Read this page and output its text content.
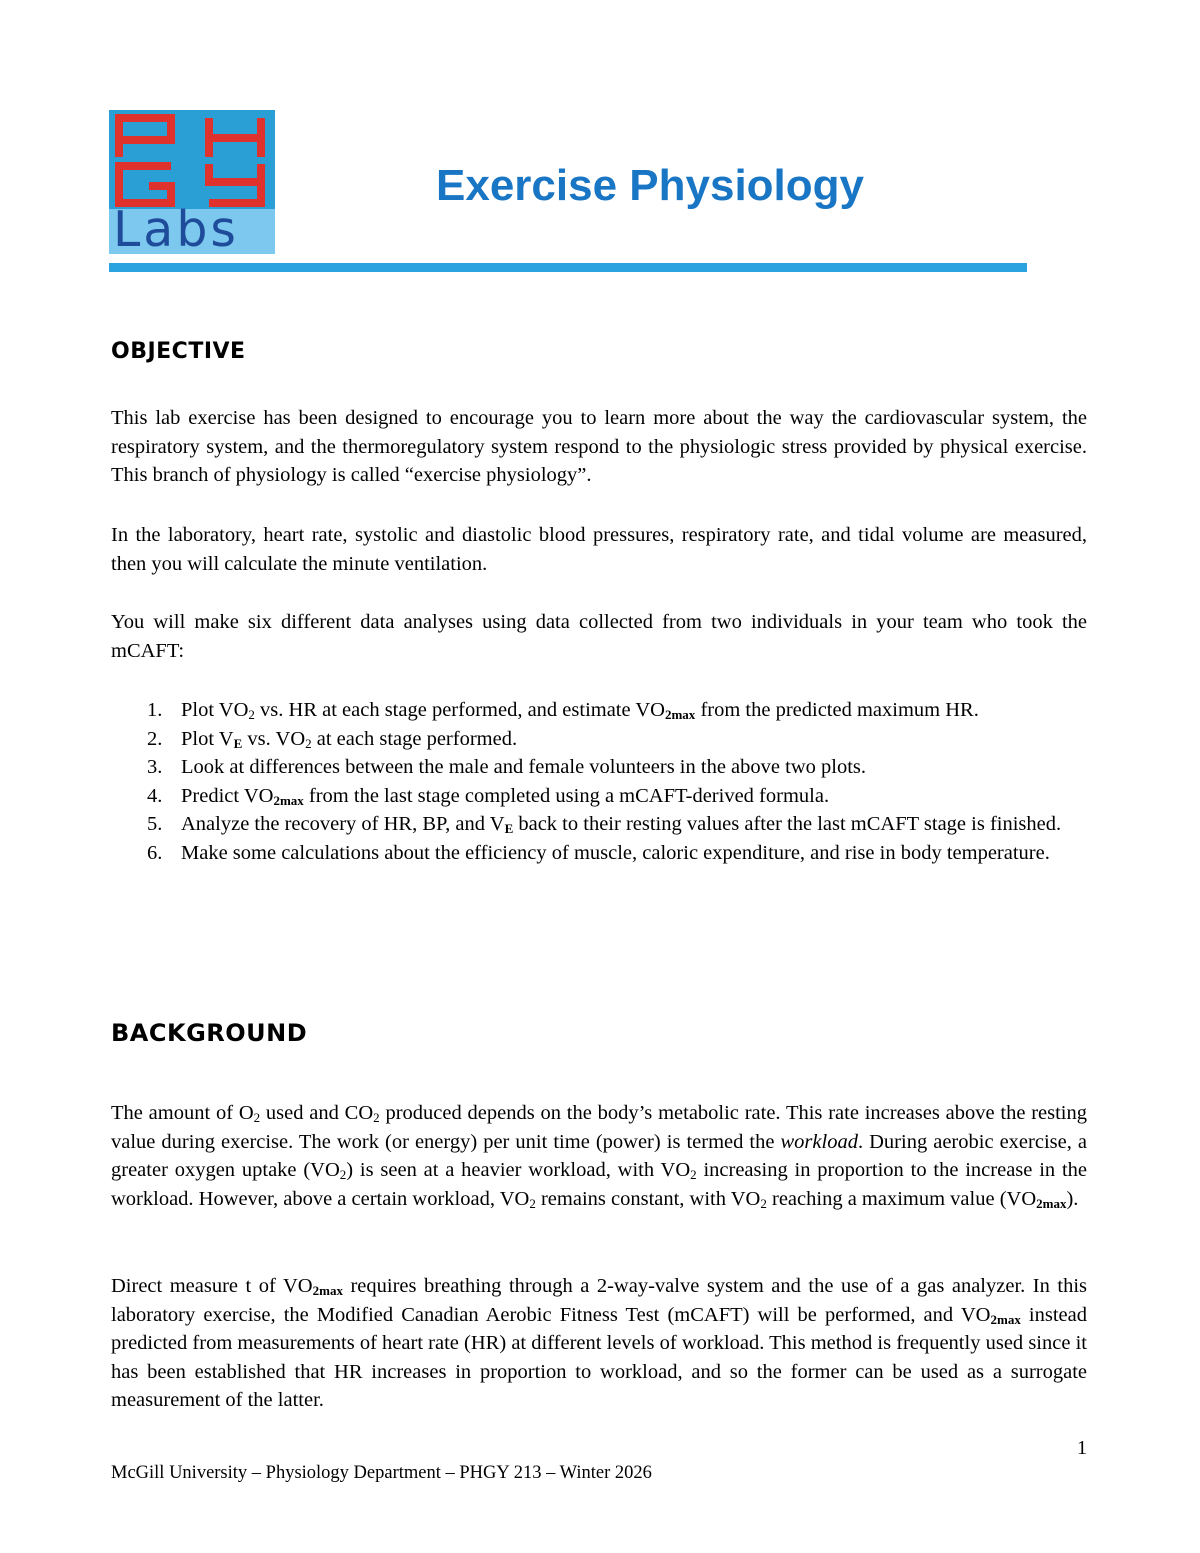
Labs
Exercise Physiology
OBJECTIVE

This lab exercise has been designed to encourage you to learn more about the way the cardiovascular system, the respiratory system, and the thermoregulatory system respond to the physiologic stress provided by physical exercise. This branch of physiology is called “exercise physiology”.

In the laboratory, heart rate, systolic and diastolic blood pressures, respiratory rate, and tidal volume are measured, then you will calculate the minute ventilation.

You will make six different data analyses using data collected from two individuals in your team who took the mCAFT:

1. Plot $VO_2$ vs. HR at each stage performed, and estimate $VO_{2max}$ from the predicted maximum HR.
2. Plot $V_E$ vs. $VO_2$ at each stage performed.
3. Look at differences between the male and female volunteers in the above two plots.
4. Predict $VO_{2max}$ from the last stage completed using a mCAFT-derived formula.
5. Analyze the recovery of HR, BP, and $V_E$ back to their resting values after the last mCAFT stage is finished.
6. Make some calculations about the efficiency of muscle, caloric expenditure, and rise in body temperature.
BACKGROUND

The amount of $O_2$ used and $CO_2$ produced depends on the body’s metabolic rate. This rate increases above the resting value during exercise. The work (or energy) per unit time (power) is termed the workload. During aerobic exercise, a greater oxygen uptake $(VO_2)$ is seen at a heavier workload, with $VO_2$ increasing in proportion to the increase in the workload. However, above a certain workload, $VO_2$ remains constant, with $VO_2$ reaching a maximum value $(VO_{2max})$.

Direct measure t of $VO_{2max}$ requires breathing through a 2-way-valve system and the use of a gas analyzer. In this laboratory exercise, the Modified Canadian Aerobic Fitness Test (mCAFT) will be performed, and $VO_{2max}$ instead predicted from measurements of heart rate (HR) at different levels of workload. This method is frequently used since it has been established that HR increases in proportion to workload, and so the former can be used as a surrogate measurement of the latter.

1
McGill University – Physiology Department – PHGY 213 – Winter 2026
